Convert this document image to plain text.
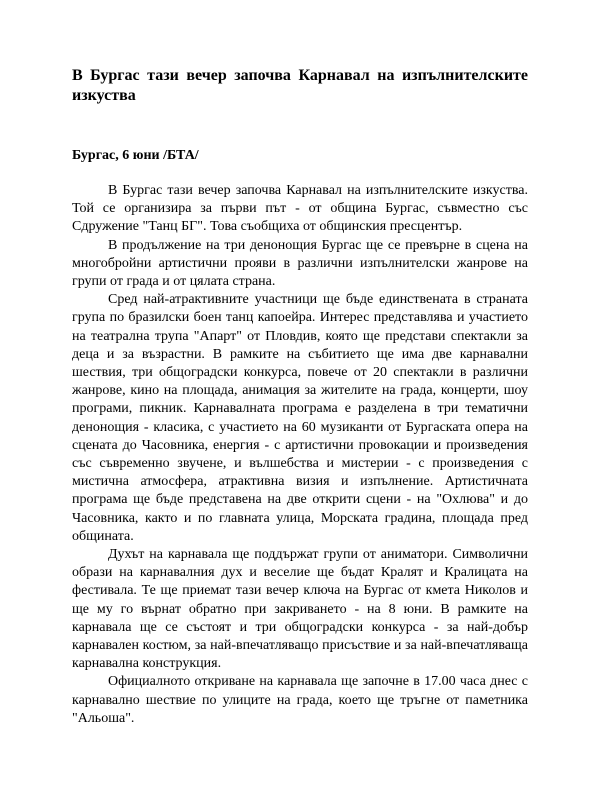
В Бургас тази вечер започва Карнавал на изпълнителските изкуства

Бургас, 6 юни /БТА/

В Бургас тази вечер започва Карнавал на изпълнителските изкуства. Той се организира за първи път - от община Бургас, съвместно със Сдружение "Танц БГ". Това съобщиха от общинския пресцентър.

В продължение на три денонощия Бургас ще се превърне в сцена на многобройни артистични прояви в различни изпълнителски жанрове на групи от града и от цялата страна.

Сред най-атрактивните участници ще бъде единствената в страната група по бразилски боен танц капоейра. Интерес представлява и участието на театрална трупа "Апарт" от Пловдив, която ще представи спектакли за деца и за възрастни. В рамките на събитието ще има две карнавални шествия, три общоградски конкурса, повече от 20 спектакли в различни жанрове, кино на площада, анимация за жителите на града, концерти, шоу програми, пикник. Карнавалната програма е разделена в три тематични денонощия - класика, с участието на 60 музиканти от Бургаската опера на сцената до Часовника, енергия - с артистични провокации и произведения със съвременно звучене, и вълшебства и мистерии - с произведения с мистична атмосфера, атрактивна визия и изпълнение. Артистичната програма ще бъде представена на две открити сцени - на "Охлюва" и до Часовника, както и по главната улица, Морската градина, площада пред общината.

Духът на карнавала ще поддържат групи от аниматори. Символични образи на карнавалния дух и веселие ще бъдат Кралят и Кралицата на фестивала. Те ще приемат тази вечер ключа на Бургас от кмета Николов и ще му го върнат обратно при закриването - на 8 юни. В рамките на карнавала ще се състоят и три общоградски конкурса - за най-добър карнавален костюм, за най-впечатляващо присъствие и за най-впечатляваща карнавална конструкция.

Официалното откриване на карнавала ще започне в 17.00 часа днес с карнавално шествие по улиците на града, което ще тръгне от паметника "Альоша".
